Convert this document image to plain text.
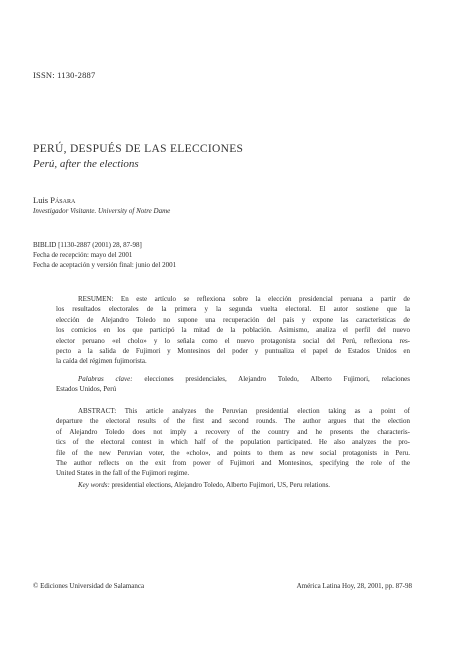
ISSN: 1130-2887
PERÚ, DESPUÉS DE LAS ELECCIONES
Perú, after the elections
Luis Pásara
Investigador Visitante. University of Notre Dame
BIBLID [1130-2887 (2001) 28, 87-98]
Fecha de recepción: mayo del 2001
Fecha de aceptación y versión final: junio del 2001
RESUMEN: En este artículo se reflexiona sobre la elección presidencial peruana a partir de
los resultados electorales de la primera y la segunda vuelta electoral. El autor sostiene que la
elección de Alejandro Toledo no supone una recuperación del país y expone las características de
los comicios en los que participó la mitad de la población. Asimismo, analiza el perfil del nuevo
elector peruano «el cholo» y lo señala como el nuevo protagonista social del Perú, reflexiona res-
pecto a la salida de Fujimori y Montesinos del poder y puntualiza el papel de Estados Unidos en
la caída del régimen fujimorista.
Palabras clave: elecciones presidenciales, Alejandro Toledo, Alberto Fujimori, relaciones
Estados Unidos, Perú
ABSTRACT: This article analyzes the Peruvian presidential election taking as a point of
departure the electoral results of the first and second rounds. The author argues that the election
of Alejandro Toledo does not imply a recovery of the country and he presents the characteris-
tics of the electoral contest in which half of the population participated. He also analyzes the pro-
file of the new Peruvian voter, the «cholo», and points to them as new social protagonists in Peru.
The author reflects on the exit from power of Fujimori and Montesinos, specifying the role of the
United States in the fall of the Fujimori regime.
Key words: presidential elections, Alejandro Toledo, Alberto Fujimori, US, Peru relations.
© Ediciones Universidad de Salamanca	América Latina Hoy, 28, 2001, pp. 87-98
